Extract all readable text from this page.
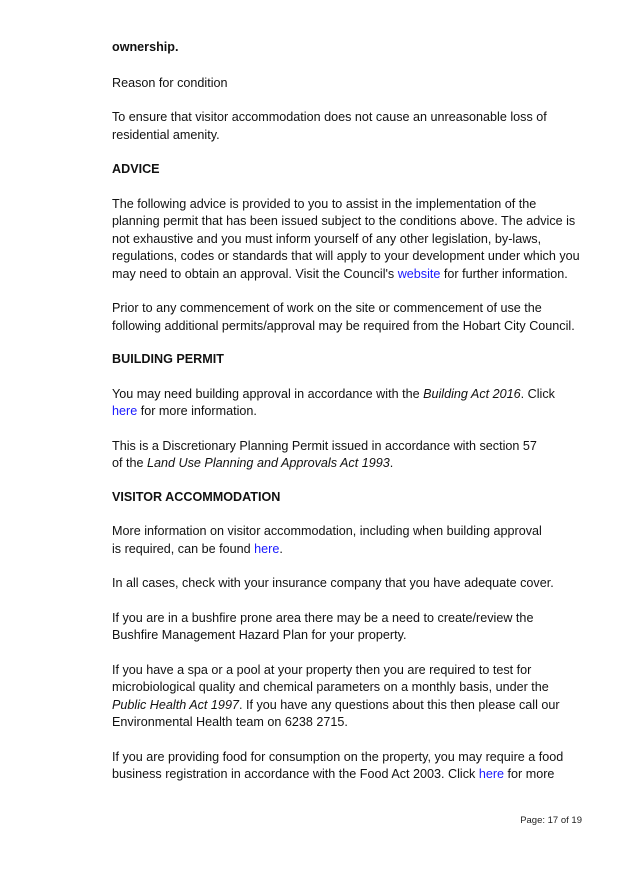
ownership.

Reason for condition

To ensure that visitor accommodation does not cause an unreasonable loss of residential amenity.

ADVICE

The following advice is provided to you to assist in the implementation of the planning permit that has been issued subject to the conditions above. The advice is not exhaustive and you must inform yourself of any other legislation, by-laws, regulations, codes or standards that will apply to your development under which you may need to obtain an approval. Visit the Council's website for further information.

Prior to any commencement of work on the site or commencement of use the following additional permits/approval may be required from the Hobart City Council.

BUILDING PERMIT

You may need building approval in accordance with the Building Act 2016. Click here for more information.

This is a Discretionary Planning Permit issued in accordance with section 57 of the Land Use Planning and Approvals Act 1993.

VISITOR ACCOMMODATION

More information on visitor accommodation, including when building approval is required, can be found here.

In all cases, check with your insurance company that you have adequate cover.

If you are in a bushfire prone area there may be a need to create/review the Bushfire Management Hazard Plan for your property.

If you have a spa or a pool at your property then you are required to test for microbiological quality and chemical parameters on a monthly basis, under the Public Health Act 1997. If you have any questions about this then please call our Environmental Health team on 6238 2715.

If you are providing food for consumption on the property, you may require a food business registration in accordance with the Food Act 2003. Click here for more

Page: 17 of 19
